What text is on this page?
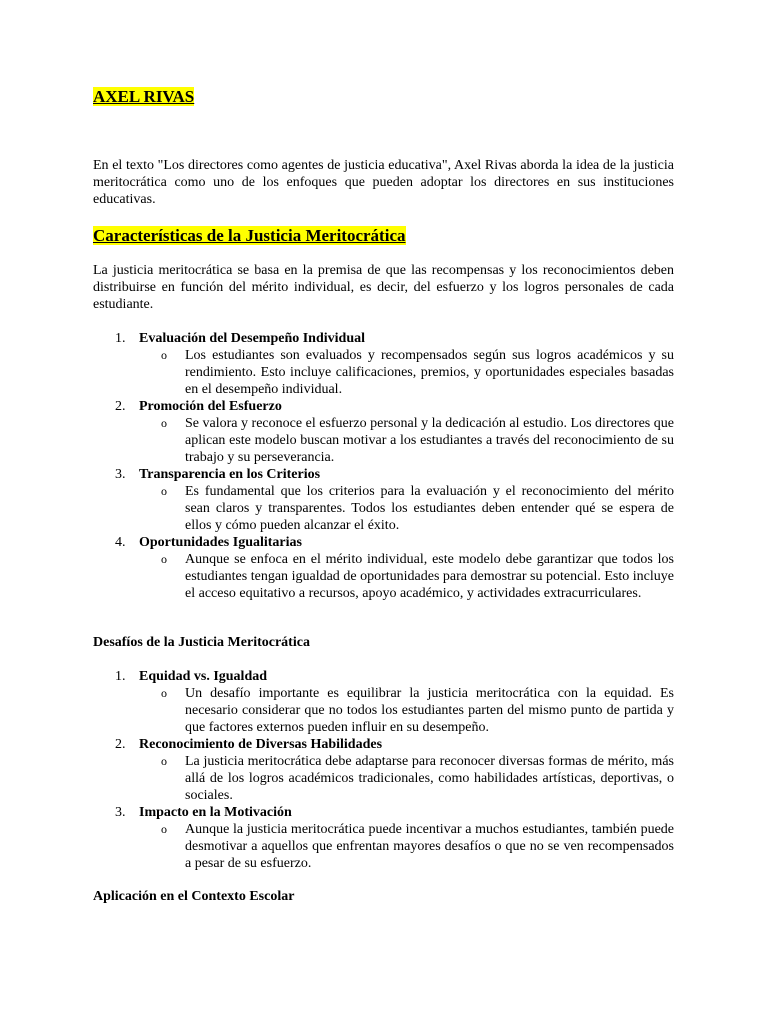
AXEL RIVAS

En el texto "Los directores como agentes de justicia educativa", Axel Rivas aborda la idea de la justicia meritocrática como uno de los enfoques que pueden adoptar los directores en sus instituciones educativas.

Características de la Justicia Meritocrática

La justicia meritocrática se basa en la premisa de que las recompensas y los reconocimientos deben distribuirse en función del mérito individual, es decir, del esfuerzo y los logros personales de cada estudiante.

1. Evaluación del Desempeño Individual
o Los estudiantes son evaluados y recompensados según sus logros académicos y su rendimiento. Esto incluye calificaciones, premios, y oportunidades especiales basadas en el desempeño individual.
2. Promoción del Esfuerzo
o Se valora y reconoce el esfuerzo personal y la dedicación al estudio. Los directores que aplican este modelo buscan motivar a los estudiantes a través del reconocimiento de su trabajo y su perseverancia.
3. Transparencia en los Criterios
o Es fundamental que los criterios para la evaluación y el reconocimiento del mérito sean claros y transparentes. Todos los estudiantes deben entender qué se espera de ellos y cómo pueden alcanzar el éxito.
4. Oportunidades Igualitarias
o Aunque se enfoca en el mérito individual, este modelo debe garantizar que todos los estudiantes tengan igualdad de oportunidades para demostrar su potencial. Esto incluye el acceso equitativo a recursos, apoyo académico, y actividades extracurriculares.
Desafíos de la Justicia Meritocrática
1. Equidad vs. Igualdad
o Un desafío importante es equilibrar la justicia meritocrática con la equidad. Es necesario considerar que no todos los estudiantes parten del mismo punto de partida y que factores externos pueden influir en su desempeño.
2. Reconocimiento de Diversas Habilidades
o La justicia meritocrática debe adaptarse para reconocer diversas formas de mérito, más allá de los logros académicos tradicionales, como habilidades artísticas, deportivas, o sociales.
3. Impacto en la Motivación
o Aunque la justicia meritocrática puede incentivar a muchos estudiantes, también puede desmotivar a aquellos que enfrentan mayores desafíos o que no se ven recompensados a pesar de su esfuerzo.
Aplicación en el Contexto Escolar
